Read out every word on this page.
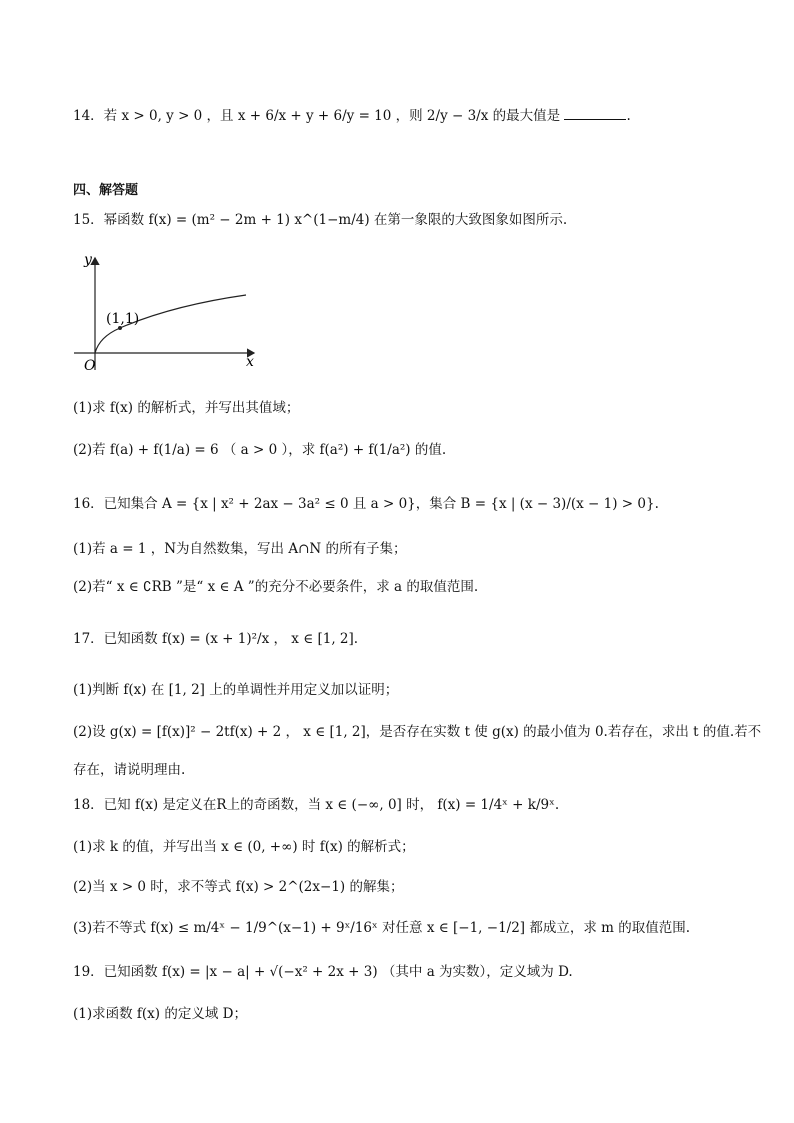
14．若 x > 0, y > 0 ，且 x + 6/x + y + 6/y = 10 ，则 2/y − 3/x 的最大值是	.
四、解答题
15．幂函数 f(x) = (m² − 2m + 1) x^(1−m/4) 在第一象限的大致图象如图所示.
y
x
O
(1,1)
(1)求 f(x) 的解析式，并写出其值域；
(2)若 f(a) + f(1/a) = 6 （ a > 0 ），求 f(a²) + f(1/a²) 的值.
16．已知集合 A = {x | x² + 2ax − 3a² ≤ 0 且 a > 0}，集合 B = {x | (x − 3)/(x − 1) > 0}.
(1)若 a = 1 ，N为自然数集，写出 A∩N 的所有子集；
(2)若“ x ∈ ∁RB ”是“ x ∈ A ”的充分不必要条件，求 a 的取值范围.
17．已知函数 f(x) = (x + 1)²/x ， x ∈ [1, 2].
(1)判断 f(x) 在 [1, 2] 上的单调性并用定义加以证明；
(2)设 g(x) = [f(x)]² − 2tf(x) + 2 ， x ∈ [1, 2]，是否存在实数 t 使 g(x) 的最小值为 0.若存在，求出 t 的值.若不
存在，请说明理由.
18．已知 f(x) 是定义在R上的奇函数，当 x ∈ (−∞, 0] 时， f(x) = 1/4ˣ + k/9ˣ.
(1)求 k 的值，并写出当 x ∈ (0, +∞) 时 f(x) 的解析式；
(2)当 x > 0 时，求不等式 f(x) > 2^(2x−1) 的解集；
(3)若不等式 f(x) ≤ m/4ˣ − 1/9^(x−1) + 9ˣ/16ˣ 对任意 x ∈ [−1, −1/2] 都成立，求 m 的取值范围.
19．已知函数 f(x) = |x − a| + √(−x² + 2x + 3) （其中 a 为实数），定义域为 D.
(1)求函数 f(x) 的定义域 D；
